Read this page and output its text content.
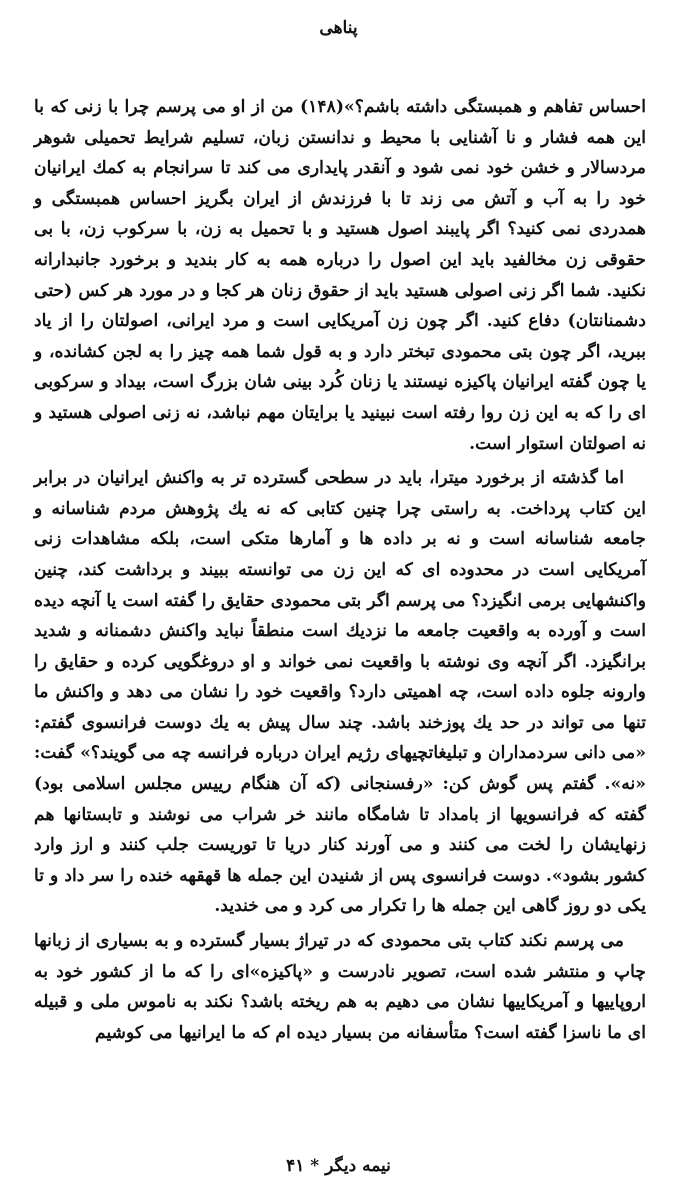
پناهی

احساس تفاهم و همبستگی داشته باشم؟»(۱۴۸) من از او می پرسم چرا با زنی که با این همه فشار و نا آشنایی با محیط و ندانستن زبان، تسلیم شرایط تحمیلی شوهر مردسالار و خشن خود نمی شود و آنقدر پایداری می کند تا سرانجام به کمك ایرانیان خود را به آب و آتش می زند تا با فرزندش از ایران بگریز احساس همبستگی و همدردی نمی کنید؟ اگر پایبند اصول هستید و با تحمیل به زن، با سرکوب زن، با بی حقوقی زن مخالفید باید این اصول را درباره همه به کار بندید و برخورد جانبدارانه نکنید. شما اگر زنی اصولی هستید باید از حقوق زنان هر کجا و در مورد هر کس (حتی دشمنانتان) دفاع کنید. اگر چون زن آمریکایی است و مرد ایرانی، اصولتان را از یاد ببرید، اگر چون بتی محمودی تبختر دارد و به قول شما همه چیز را به لجن کشانده، و یا چون گفته ایرانیان پاکیزه نیستند یا زنان کُرد بینی شان بزرگ است، بیداد و سرکوبی ای را که به این زن روا رفته است نبینید یا برایتان مهم نباشد، نه زنی اصولی هستید و نه اصولتان استوار است.

اما گذشته از برخورد میترا، باید در سطحی گسترده تر به واکنش ایرانیان در برابر این کتاب پرداخت. به راستی چرا چنین کتابی که نه یك پژوهش مردم شناسانه و جامعه شناسانه است و نه بر داده ها و آمارها متکی است، بلکه مشاهدات زنی آمریکایی است در محدوده ای که این زن می توانسته ببیند و برداشت کند، چنین واکنشهایی برمی انگیزد؟ می پرسم اگر بتی محمودی حقایق را گفته است یا آنچه دیده است و آورده به واقعیت جامعه ما نزدیك است منطقاً نباید واکنش دشمنانه و شدید برانگیزد. اگر آنچه وی نوشته با واقعیت نمی خواند و او دروغگویی کرده و حقایق را وارونه جلوه داده است، چه اهمیتی دارد؟ واقعیت خود را نشان می دهد و واکنش ما تنها می تواند در حد یك پوزخند باشد. چند سال پیش به یك دوست فرانسوی گفتم: «می دانی سردمداران و تبلیغاتچیهای رژیم ایران درباره فرانسه چه می گویند؟» گفت: «نه». گفتم پس گوش کن: «رفسنجانی (که آن هنگام رییس مجلس اسلامی بود) گفته که فرانسویها از بامداد تا شامگاه مانند خر شراب می نوشند و تابستانها هم زنهایشان را لخت می کنند و می آورند کنار دریا تا توریست جلب کنند و ارز وارد کشور بشود». دوست فرانسوی پس از شنیدن این جمله ها قهقهه خنده را سر داد و تا یکی دو روز گاهی این جمله ها را تکرار می کرد و می خندید.

می پرسم نکند کتاب بتی محمودی که در تیراژ بسیار گسترده و به بسیاری از زبانها چاپ و منتشر شده است، تصویر نادرست و «پاکیزه»ای را که ما از کشور خود به اروپاییها و آمریکاییها نشان می دهیم به هم ریخته باشد؟ نکند به ناموس ملی و قبیله ای ما ناسزا گفته است؟ متأسفانه من بسیار دیده ام که ما ایرانیها می کوشیم

نیمه دیگر * ۴۱
